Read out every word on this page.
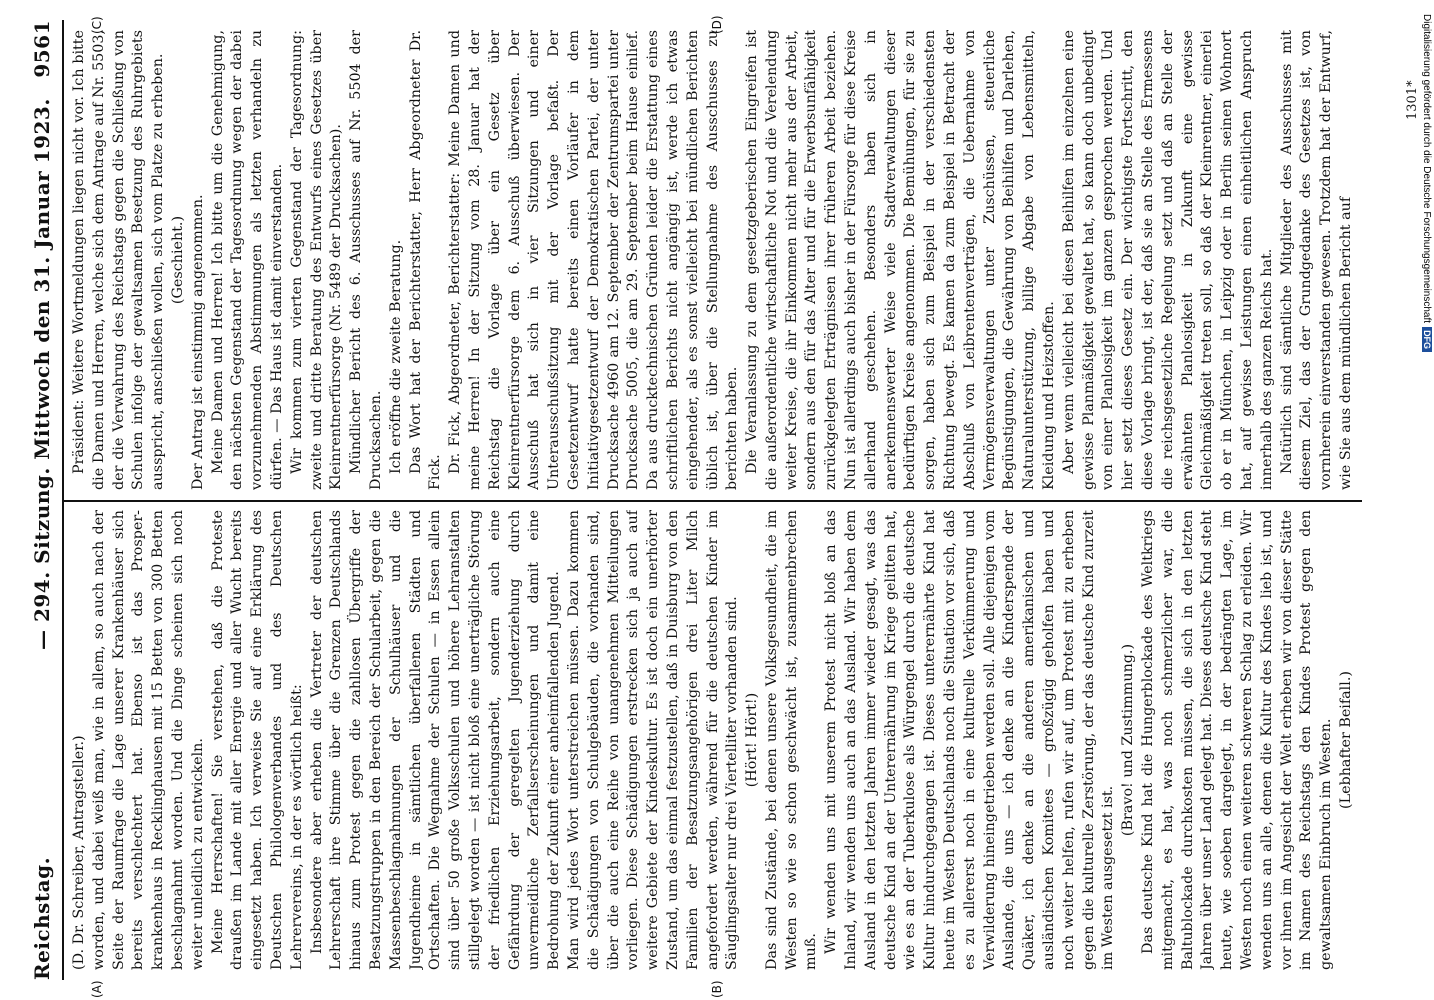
Reichstag.
— 294. Sitzung. Mittwoch den 31. Januar 1923.
9561
(A)	(B)
(C)	(D)

(D. Dr. Schreiber, Antragsteller.) worden, und dabei weiß man, wie in allem, so auch nach der Seite der Raumfrage die Lage unserer Krankenhäuser sich bereits verschlechtert hat. Ebenso ist das Prosper-krankenhaus in Recklinghausen mit 15 Betten von 300 Betten beschlagnahmt worden. Und die Dinge scheinen sich noch weiter unleidlich zu entwickeln. Meine Herrschaften! Sie verstehen, daß die Proteste draußen im Lande mit aller Energie und aller Wucht bereits eingesetzt haben. Ich verweise Sie auf eine Erklärung des Deutschen Philologenverbandes und des Deutschen Lehrervereins, in der es wörtlich heißt: Insbesondere aber erheben die Vertreter der deutschen Lehrerschaft ihre Stimme über die Grenzen Deutschlands hinaus zum Protest gegen die zahllosen Übergriffe der Besatzungstruppen in den Bereich der Schularbeit, gegen die Massenbeschlagnahmungen der Schulhäuser und die Jugendheime in sämtlichen überfallenen Städten und Ortschaften. Die Wegnahme der Schulen — in Essen allein sind über 50 große Volksschulen und höhere Lehranstalten stillgelegt worden — ist nicht bloß eine unerträgliche Störung der friedlichen Erziehungsarbeit, sondern auch eine Gefährdung der geregelten Jugenderziehung durch unvermeidliche Zerfallserscheinungen und damit eine Bedrohung der Zukunft einer anheimfallenden Jugend. Man wird jedes Wort unterstreichen müssen. Dazu kommen die Schädigungen von Schulgebäuden, die vorhanden sind, über die auch eine Reihe von unangenehmen Mitteilungen vorliegen. Diese Schädigungen erstrecken sich ja auch auf weitere Gebiete der Kindeskultur. Es ist doch ein unerhörter Zustand, um das einmal festzustellen, daß in Duisburg von den Familien der Besatzungsangehörigen drei Liter Milch angefordert werden, während für die deutschen Kinder im Säuglingsalter nur drei Viertelliter vorhanden sind. (Hört! Hört!) Das sind Zustände, bei denen unsere Volksgesundheit, die im Westen so wie so schon geschwächt ist, zusammenbrechen muß. Wir wenden uns mit unserem Protest nicht bloß an das Inland, wir wenden uns auch an das Ausland. Wir haben dem Ausland in den letzten Jahren immer wieder gesagt, was das deutsche Kind an der Unterernährung im Kriege gelitten hat, wie es an der Tuberkulose als Würgengel durch die deutsche Kultur hindurchgegangen ist. Dieses unterernährte Kind hat heute im Westen Deutschlands noch die Situation vor sich, daß es zu allererst noch in eine kulturelle Verkümmerung und Verwilderung hineingetrieben werden soll. Alle diejenigen vom Auslande, die uns — ich denke an die Kinderspende der Quäker, ich denke an die anderen amerikanischen und ausländischen Komitees — großzügig geholfen haben und noch weiter helfen, rufen wir auf, um Protest mit zu erheben gegen die kulturelle Zerstörung, der das deutsche Kind zurzeit im Westen ausgesetzt ist.

(Bravo! und Zustimmung.) Das deutsche Kind hat die Hungerblockade des Weltkriegs mitgemacht, es hat, was noch schmerzlicher war, die Baltublockade durchkosten müssen, die sich in den letzten Jahren über unser Land gelegt hat. Dieses deutsche Kind steht heute, wie soeben dargelegt, in der bedrängten Lage, im Westen noch einen weiteren schweren Schlag zu erleiden. Wir wenden uns an alle, denen die Kultur des Kindes lieb ist, und vor ihnen im Angesicht der Welt erheben wir von dieser Stätte im Namen des Reichstags den Kindes Protest gegen den gewaltsamen Einbruch im Westen. (Lebhafter Beifall.)

Präsident: Weitere Wortmeldungen liegen nicht vor. Ich bitte die Damen und Herren, welche sich dem Antrage auf Nr. 5503, der die Verwahrung des Reichstags gegen die Schließung von Schulen infolge der gewaltsamen Besetzung des Ruhrgebiets ausspricht, anschließen wollen, sich vom Platze zu erheben. (Geschieht.) Der Antrag ist einstimmig angenommen. Meine Damen und Herren! Ich bitte um die Genehmigung, den nächsten Gegenstand der Tagesordnung wegen der dabei vorzunehmenden Abstimmungen als letzten verhandeln zu dürfen. — Das Haus ist damit einverstanden. Wir kommen zum vierten Gegenstand der Tagesordnung: zweite und dritte Beratung des Entwurfs eines Gesetzes über Kleinrentnerfürsorge (Nr. 5489 der Drucksachen). Mündlicher Bericht des 6. Ausschusses auf Nr. 5504 der Drucksachen. Ich eröffne die zweite Beratung. Das Wort hat der Berichterstatter, Herr Abgeordneter Dr. Fick. Dr. Fick, Abgeordneter, Berichterstatter: Meine Damen und meine Herren! In der Sitzung vom 28. Januar hat der Reichstag die Vorlage über ein Gesetz über Kleinrentnerfürsorge dem 6. Ausschuß überwiesen. Der Ausschuß hat sich in vier Sitzungen und einer Unterausschußsitzung mit der Vorlage befaßt. Der Gesetzentwurf hatte bereits einen Vorläufer in dem Initiativgesetzentwurf der Demokratischen Partei, der unter Drucksache 4960 am 12. September der Zentrumspartei unter Drucksache 5005, die am 29. September beim Hause einlief. Da aus drucktechnischen Gründen leider die Erstattung eines schriftlichen Berichts nicht angängig ist, werde ich etwas eingehender, als es sonst vielleicht bei mündlichen Berichten üblich ist, über die Stellungnahme des Ausschusses zu berichten haben. Die Veranlassung zu dem gesetzgeberischen Eingreifen ist die außerordentliche wirtschaftliche Not und die Verelendung weiter Kreise, die ihr Einkommen nicht mehr aus der Arbeit, sondern aus den für das Alter und für die Erwerbsunfähigkeit zurückgelegten Erträgnissen ihrer früheren Arbeit beziehen. Nun ist allerdings auch bisher in der Fürsorge für diese Kreise allerhand geschehen. Besonders haben sich in anerkennenswerter Weise viele Stadtverwaltungen dieser bedürftigen Kreise angenommen. Die Bemühungen, für sie zu sorgen, haben sich zum Beispiel in der verschiedensten Richtung bewegt. Es kamen da zum Beispiel in Betracht der Abschluß von Leibrentenverträgen, die Uebernahme von Vermögensverwaltungen unter Zuschüssen, steuerliche Begünstigungen, die Gewährung von Beihilfen und Darlehen, Naturalunterstützung, billige Abgabe von Lebensmitteln, Kleidung und Heizstoffen. Aber wenn vielleicht bei diesen Beihilfen im einzelnen eine gewisse Planmäßigkeit gewaltet hat, so kann doch unbedingt von einer Planlosigkeit im ganzen gesprochen werden. Und hier setzt dieses Gesetz ein. Der wichtigste Fortschritt, den diese Vorlage bringt, ist der, daß sie an Stelle des Ermessens die reichsgesetzliche Regelung setzt und daß an Stelle der erwähnten Planlosigkeit in Zukunft eine gewisse Gleichmäßigkeit treten soll, so daß der Kleinrentner, einerlei ob er in München, in Leipzig oder in Berlin seinen Wohnort hat, auf gewisse Leistungen einen einheitlichen Anspruch innerhalb des ganzen Reichs hat. Natürlich sind sämtliche Mitglieder des Ausschusses mit diesem Ziel, das der Grundgedanke des Gesetzes ist, von vornherein einverstanden gewesen. Trotzdem hat der Entwurf, wie Sie aus dem mündlichen Bericht auf

1301* Digitalisierung gefördert durch die Deutsche ForschungsgemeinschaftDFG
